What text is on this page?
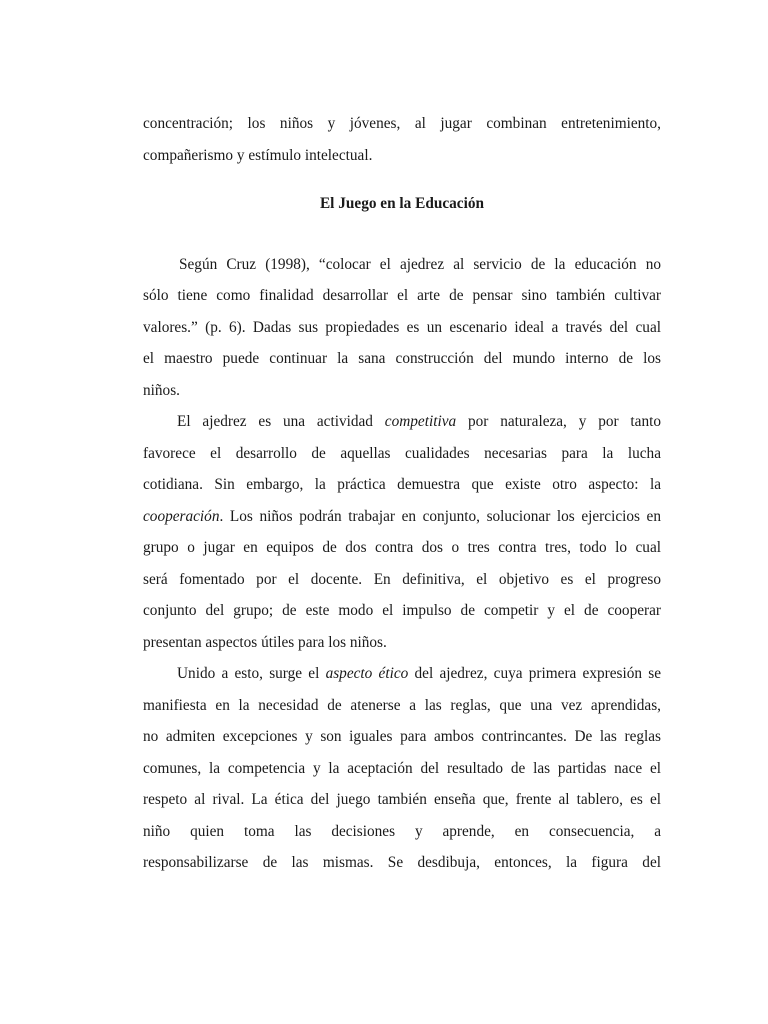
concentración; los niños y jóvenes, al jugar combinan entretenimiento,
compañerismo y estímulo intelectual.
El Juego en la Educación
Según Cruz (1998), “colocar el ajedrez al servicio de la educación no
sólo tiene como finalidad desarrollar el arte de pensar sino también cultivar
valores.” (p. 6). Dadas sus propiedades es un escenario ideal a través del cual
el maestro puede continuar la sana construcción del mundo interno de los
niños.
El ajedrez es una actividad competitiva por naturaleza, y por tanto
favorece el desarrollo de aquellas cualidades necesarias para la lucha
cotidiana. Sin embargo, la práctica demuestra que existe otro aspecto: la
cooperación. Los niños podrán trabajar en conjunto, solucionar los ejercicios en
grupo o jugar en equipos de dos contra dos o tres contra tres, todo lo cual
será fomentado por el docente. En definitiva, el objetivo es el progreso
conjunto del grupo; de este modo el impulso de competir y el de cooperar
presentan aspectos útiles para los niños.
Unido a esto, surge el aspecto ético del ajedrez, cuya primera expresión se
manifiesta en la necesidad de atenerse a las reglas, que una vez aprendidas,
no admiten excepciones y son iguales para ambos contrincantes. De las reglas
comunes, la competencia y la aceptación del resultado de las partidas nace el
respeto al rival. La ética del juego también enseña que, frente al tablero, es el
niño quien toma las decisiones y aprende, en consecuencia, a
responsabilizarse de las mismas. Se desdibuja, entonces, la figura del
